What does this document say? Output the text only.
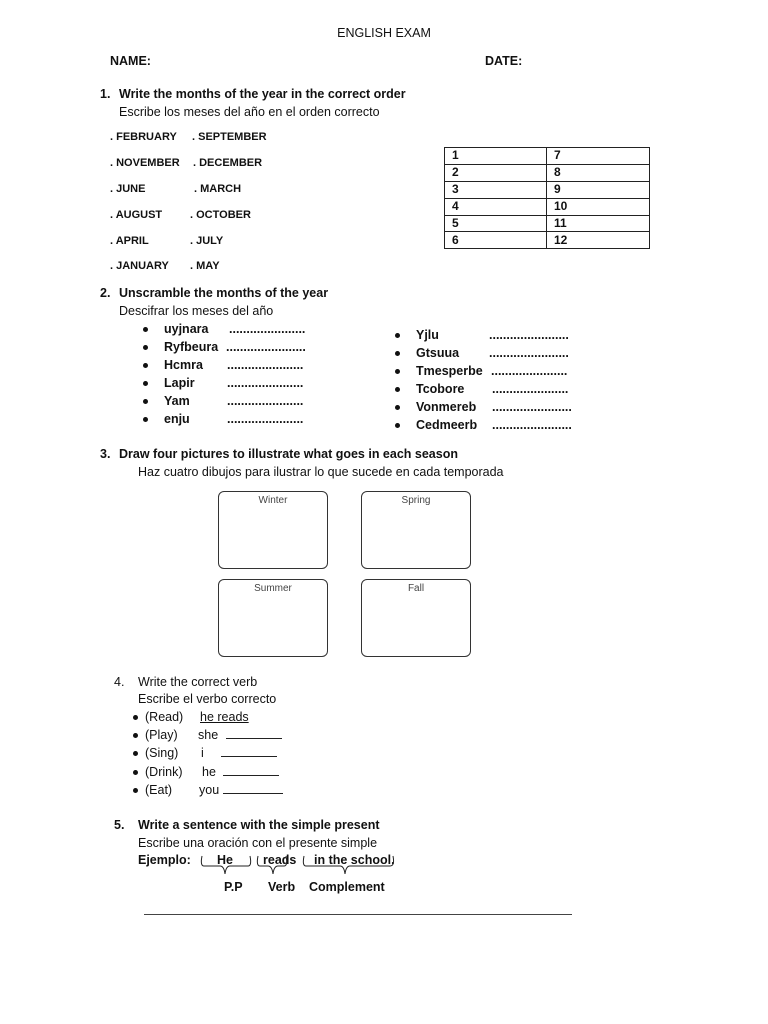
ENGLISH EXAM
NAME:	DATE:
1. Write the months of the year in the correct order
Escribe los meses del año en el orden correcto
. FEBRUARY . SEPTEMBER
. NOVEMBER . DECEMBER
. JUNE	. MARCH
. AUGUST	. OCTOBER
. APRIL	. JULY
. JANUARY . MAY
1	7
2	8
3	9
4	10
5	11
6	12
2. Unscramble the months of the year
Descifrar los meses del año
uyjnara ......................
Ryfbeura .......................
Hcmra ......................
Lapir	......................
Yam	......................
enju	......................
Yjlu	.......................
Gtsuua .......................
Tmesperbe ......................
Tcobore ......................
Vonmereb .......................
Cedmeerb .......................
3. Draw four pictures to illustrate what goes in each season
Haz cuatro dibujos para ilustrar lo que sucede en cada temporada
Winter	Spring
Summer	Fall
4. Write the correct verb
Escribe el verbo correcto
(Read) he reads
(Play) she
(Sing) i
(Drink) he
(Eat) you
5. Write a sentence with the simple present
Escribe una oración con el presente simple
Ejemplo: He reads in the school.
P.P Verb Complement
